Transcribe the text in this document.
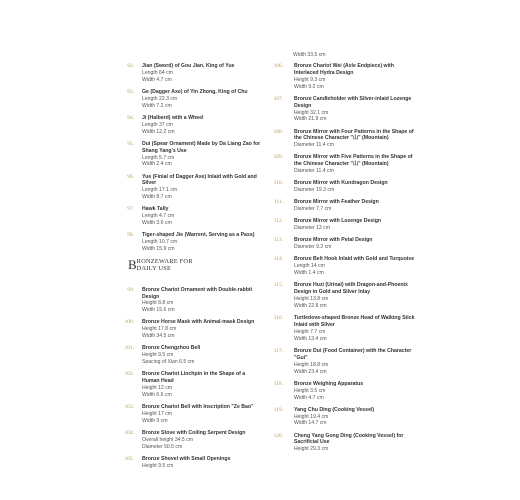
92. Jian (Sword) of Gou Jian, King of Yue
Length 64 cm
Width 4.7 cm
93. Ge (Dagger Axe) of Yin Zhong, King of Chu
Length 22.3 cm
Width 7.2 cm
94. Ji (Halberd) with a Wheel
Length 37 cm
Width 12.2 cm
95. Dui (Spear Ornament) Made by Da Liang Zao for Shang Yang's Use
Length 5.7 cm
Width 2.4 cm
96. Yue (Finial of Dagger Axe) Inlaid with Gold and Silver
Length 17.1 cm
Width 8.7 cm
97. Hawk Tally
Length 4.7 cm
Width 3.6 cm
98. Tiger-shaped Jie (Warrent, Serving as a Pass)
Length 10.7 cm
Width 15.9 cm
B RONZEWARE FOR
DAILY USE
99. Bronze Chariot Ornament with Double-rabbit Design
Height 8.8 cm
Width 15.6 cm
100. Bronze Horse Mask with Animal-mask Design
Height 17.8 cm
Width 34.5 cm
101. Bronze Chengzhou Bell
Height 9.5 cm
Spacing of Xian 6.5 cm
102. Bronze Chariot Linchpin in the Shape of a Human Head
Height 12 cm
Width 6.6 cm
103. Bronze Chariot Bell with Inscription "Ze Bao"
Height 17 cm
Width 9 cm
104. Bronze Stove with Coiling Serpent Design
Overall height 34.5 cm
Diameter 50.5 cm
105. Bronze Shovel with Small Openings
Height 9.5 cm
Width 33.5 cm
106. Bronze Chariot Wei (Axle Endpiece) with Interlaced Hydra Design
Height 9.3 cm
Width 9.2 cm
107. Bronze Candleholder with Silver-inlaid Lozenge Design
Height 32.1 cm
Width 21.9 cm
108. Bronze Mirror with Four Patterns in the Shape of the Chinese Character "山" (Mountain)
Diameter 11.4 cm
109. Bronze Mirror with Five Patterns in the Shape of the Chinese Character "山" (Mountain)
Diameter 11.4 cm
110. Bronze Mirror with Kundragon Design
Diameter 19.3 cm
111. Bronze Mirror with Feather Design
Diameter 7.7 cm
112. Bronze Mirror with Lozenge Design
Diameter 13 cm
113. Bronze Mirror with Petal Design
Diameter 9.2 cm
114. Bronze Belt Hook Inlaid with Gold and Turquoise
Length 14 cm
Width 1.4 cm
115. Bronze Huzi (Urinal) with Dragon-and-Phoenix Design in Gold and Silver Inlay
Height 13.8 cm
Width 22.8 cm
116. Turtledove-shaped Bronze Head of Walking Stick Inlaid with Silver
Height 7.7 cm
Width 13.4 cm
117. Bronze Dui (Food Container) with the Character "Gui"
Height 18.8 cm
Width 23.4 cm
118. Bronze Weighing Apparatus
Height 3.5 cm
Width 4.7 cm
119. Yang Chu Ding (Cooking Vessel)
Height 19.4 cm
Width 14.7 cm
120. Cheng Yang Gong Ding (Cooking Vessel) for Sacrificial Use
Height 29.3 cm
